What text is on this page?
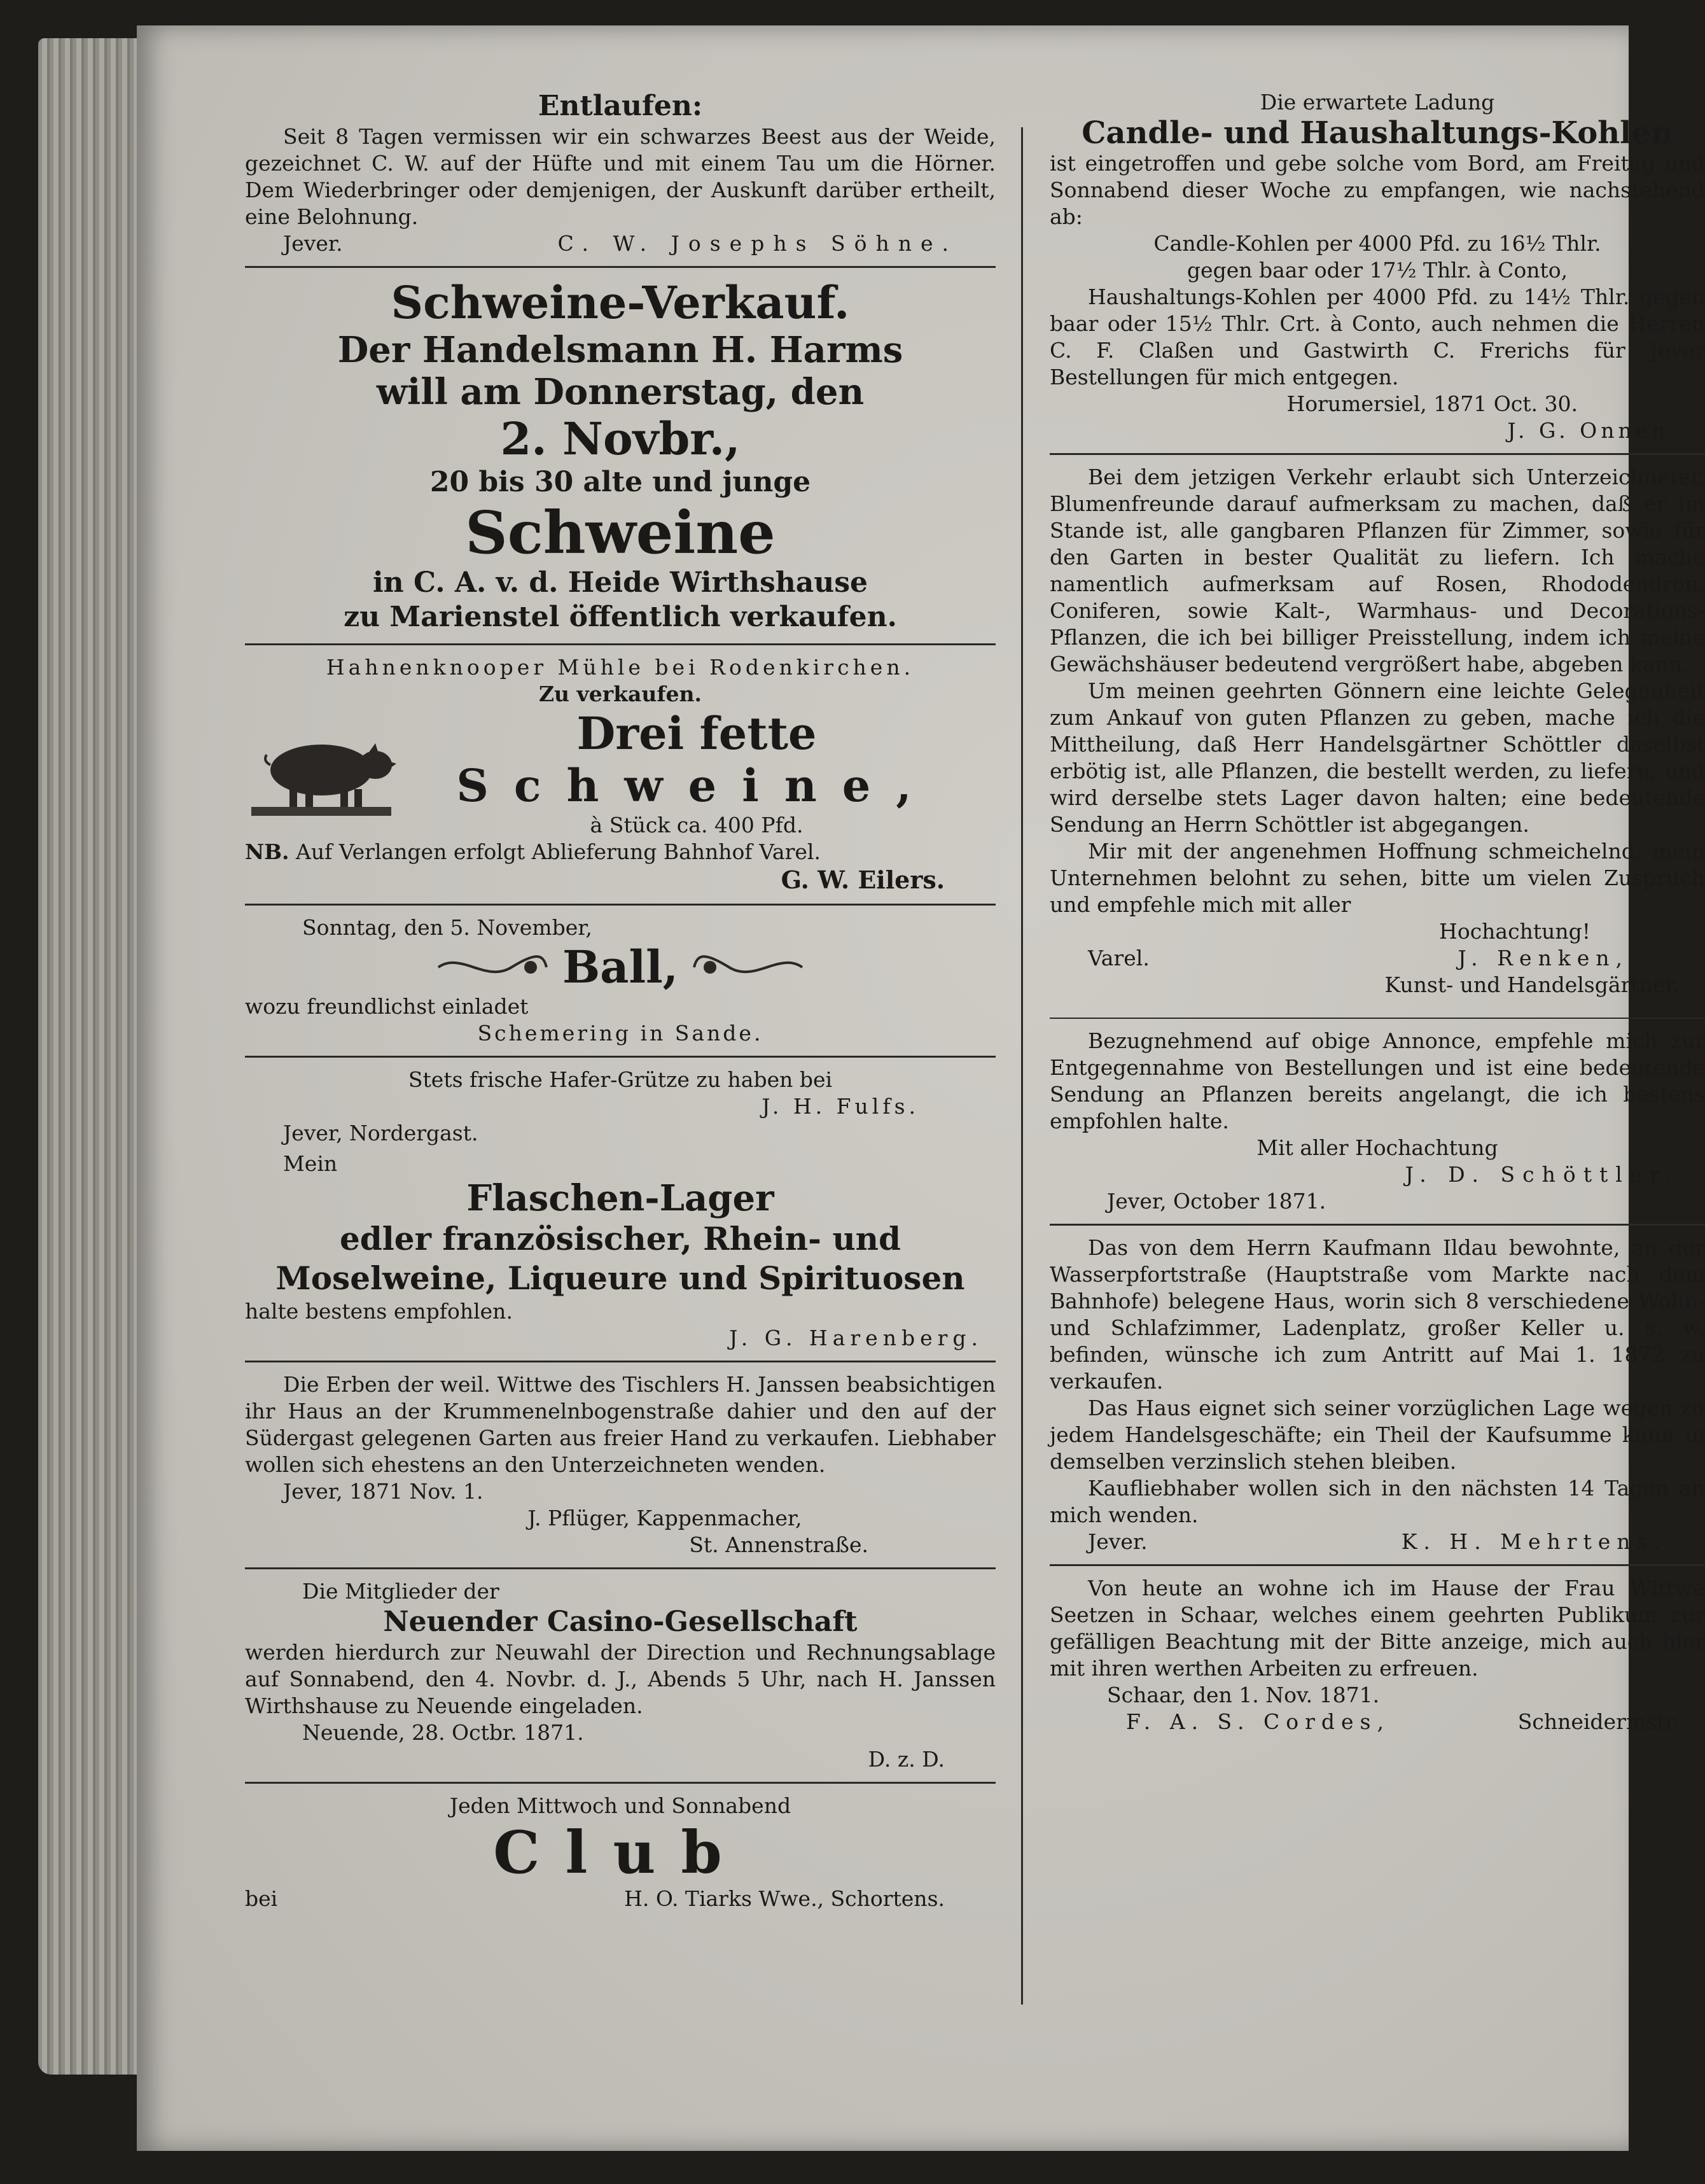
Entlaufen:
Seit 8 Tagen vermissen wir ein schwarzes Beest aus der Weide, gezeichnet C. W. auf der Hüfte und mit einem Tau um die Hörner. Dem Wiederbringer oder demjenigen, der Auskunft darüber ertheilt, eine Belohnung.
Jever.	C. W. Josephs Söhne.
Schweine-Verkauf.
Der Handelsmann H. Harms
will am Donnerstag, den
2. Novbr.,
20 bis 30 alte und junge
Schweine
in C. A. v. d. Heide Wirthshause
zu Marienstel öffentlich verkaufen.
Hahnenknooper Mühle bei Rodenkirchen.
Zu verkaufen.
Drei fette
Schweine,
à Stück ca. 400 Pfd.
NB. Auf Verlangen erfolgt Ablieferung Bahnhof Varel.
G. W. Eilers.
Sonntag, den 5. November,
Ball,
wozu freundlichst einladet
Schemering in Sande.
Stets frische Hafer-Grütze zu haben bei
J. H. Fulfs.
Jever, Nordergast.
Mein
Flaschen-Lager
edler französischer, Rhein- und Moselweine, Liqueure und Spirituosen
halte bestens empfohlen.
J. G. Harenberg.
Die Erben der weil. Wittwe des Tischlers H. Janssen beabsichtigen ihr Haus an der Krummenelnbogenstraße dahier und den auf der Südergast gelegenen Garten aus freier Hand zu verkaufen. Liebhaber wollen sich ehestens an den Unterzeichneten wenden.
Jever, 1871 Nov. 1.
J. Pflüger, Kappenmacher,
St. Annenstraße.
Die Mitglieder der
Neuender Casino-Gesellschaft
werden hierdurch zur Neuwahl der Direction und Rechnungsablage auf Sonnabend, den 4. Novbr. d. J., Abends 5 Uhr, nach H. Janssen Wirthshause zu Neuende eingeladen.
Neuende, 28. Octbr. 1871.
D. z. D.
Jeden Mittwoch und Sonnabend
Club
bei	H. O. Tiarks Wwe., Schortens.
Die erwartete Ladung
Candle- und Haushaltungs-Kohlen
ist eingetroffen und gebe solche vom Bord, am Freitag und Sonnabend dieser Woche zu empfangen, wie nachstehend ab:
Candle-Kohlen per 4000 Pfd. zu 16½ Thlr.
gegen baar oder 17½ Thlr. à Conto,
Haushaltungs-Kohlen per 4000 Pfd. zu 14½ Thlr. gegen baar oder 15½ Thlr. Crt. à Conto, auch nehmen die Herren C. F. Claßen und Gastwirth C. Frerichs für Jever Bestellungen für mich entgegen.
Horumersiel, 1871 Oct. 30.
J. G. Onnen.
Bei dem jetzigen Verkehr erlaubt sich Unterzeichneter, Blumenfreunde darauf aufmerksam zu machen, daß er im Stande ist, alle gangbaren Pflanzen für Zimmer, sowie für den Garten in bester Qualität zu liefern. Ich mache namentlich aufmerksam auf Rosen, Rhododendron, Coniferen, sowie Kalt-, Warmhaus- und Decorations-Pflanzen, die ich bei billiger Preisstellung, indem ich meine Gewächshäuser bedeutend vergrößert habe, abgeben kann.
Um meinen geehrten Gönnern eine leichte Gelegenheit zum Ankauf von guten Pflanzen zu geben, mache ich die Mittheilung, daß Herr Handelsgärtner Schöttler daselbst erbötig ist, alle Pflanzen, die bestellt werden, zu liefern, und wird derselbe stets Lager davon halten; eine bedeutende Sendung an Herrn Schöttler ist abgegangen.
Mir mit der angenehmen Hoffnung schmeichelnd, mein Unternehmen belohnt zu sehen, bitte um vielen Zuspruch und empfehle mich mit aller
Hochachtung!
Varel.	J. Renken,
Kunst- und Handelsgärtner.
Bezugnehmend auf obige Annonce, empfehle mich zur Entgegennahme von Bestellungen und ist eine bedeutende Sendung an Pflanzen bereits angelangt, die ich bestens empfohlen halte.
Mit aller Hochachtung
J. D. Schöttler.
Jever, October 1871.
Das von dem Herrn Kaufmann Ildau bewohnte, an der Wasserpfortstraße (Hauptstraße vom Markte nach dem Bahnhofe) belegene Haus, worin sich 8 verschiedene Wohn- und Schlafzimmer, Ladenplatz, großer Keller u. s. w. befinden, wünsche ich zum Antritt auf Mai 1. 1872 zu verkaufen.
Das Haus eignet sich seiner vorzüglichen Lage wegen zu jedem Handelsgeschäfte; ein Theil der Kaufsumme kann in demselben verzinslich stehen bleiben.
Kaufliebhaber wollen sich in den nächsten 14 Tagen an mich wenden.
Jever.	K. H. Mehrtens.
Von heute an wohne ich im Hause der Frau Wittwe Seetzen in Schaar, welches einem geehrten Publikum zur gefälligen Beachtung mit der Bitte anzeige, mich auch hier mit ihren werthen Arbeiten zu erfreuen.
Schaar, den 1. Nov. 1871.
F. A. S. Cordes,	Schneidermstr.
